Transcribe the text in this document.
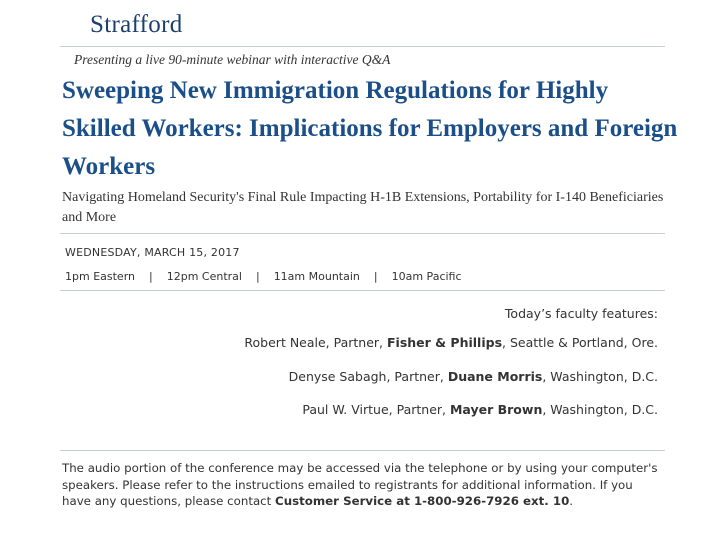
Strafford
Presenting a live 90-minute webinar with interactive Q&A
Sweeping New Immigration Regulations for Highly Skilled Workers: Implications for Employers and Foreign Workers
Navigating Homeland Security's Final Rule Impacting H-1B Extensions, Portability for I-140 Beneficiaries and More
WEDNESDAY, MARCH 15, 2017
1pm Eastern | 12pm Central | 11am Mountain | 10am Pacific
Today’s faculty features:
Robert Neale, Partner, Fisher & Phillips, Seattle & Portland, Ore.
Denyse Sabagh, Partner, Duane Morris, Washington, D.C.
Paul W. Virtue, Partner, Mayer Brown, Washington, D.C.
The audio portion of the conference may be accessed via the telephone or by using your computer's speakers. Please refer to the instructions emailed to registrants for additional information. If you have any questions, please contact Customer Service at 1-800-926-7926 ext. 10.
